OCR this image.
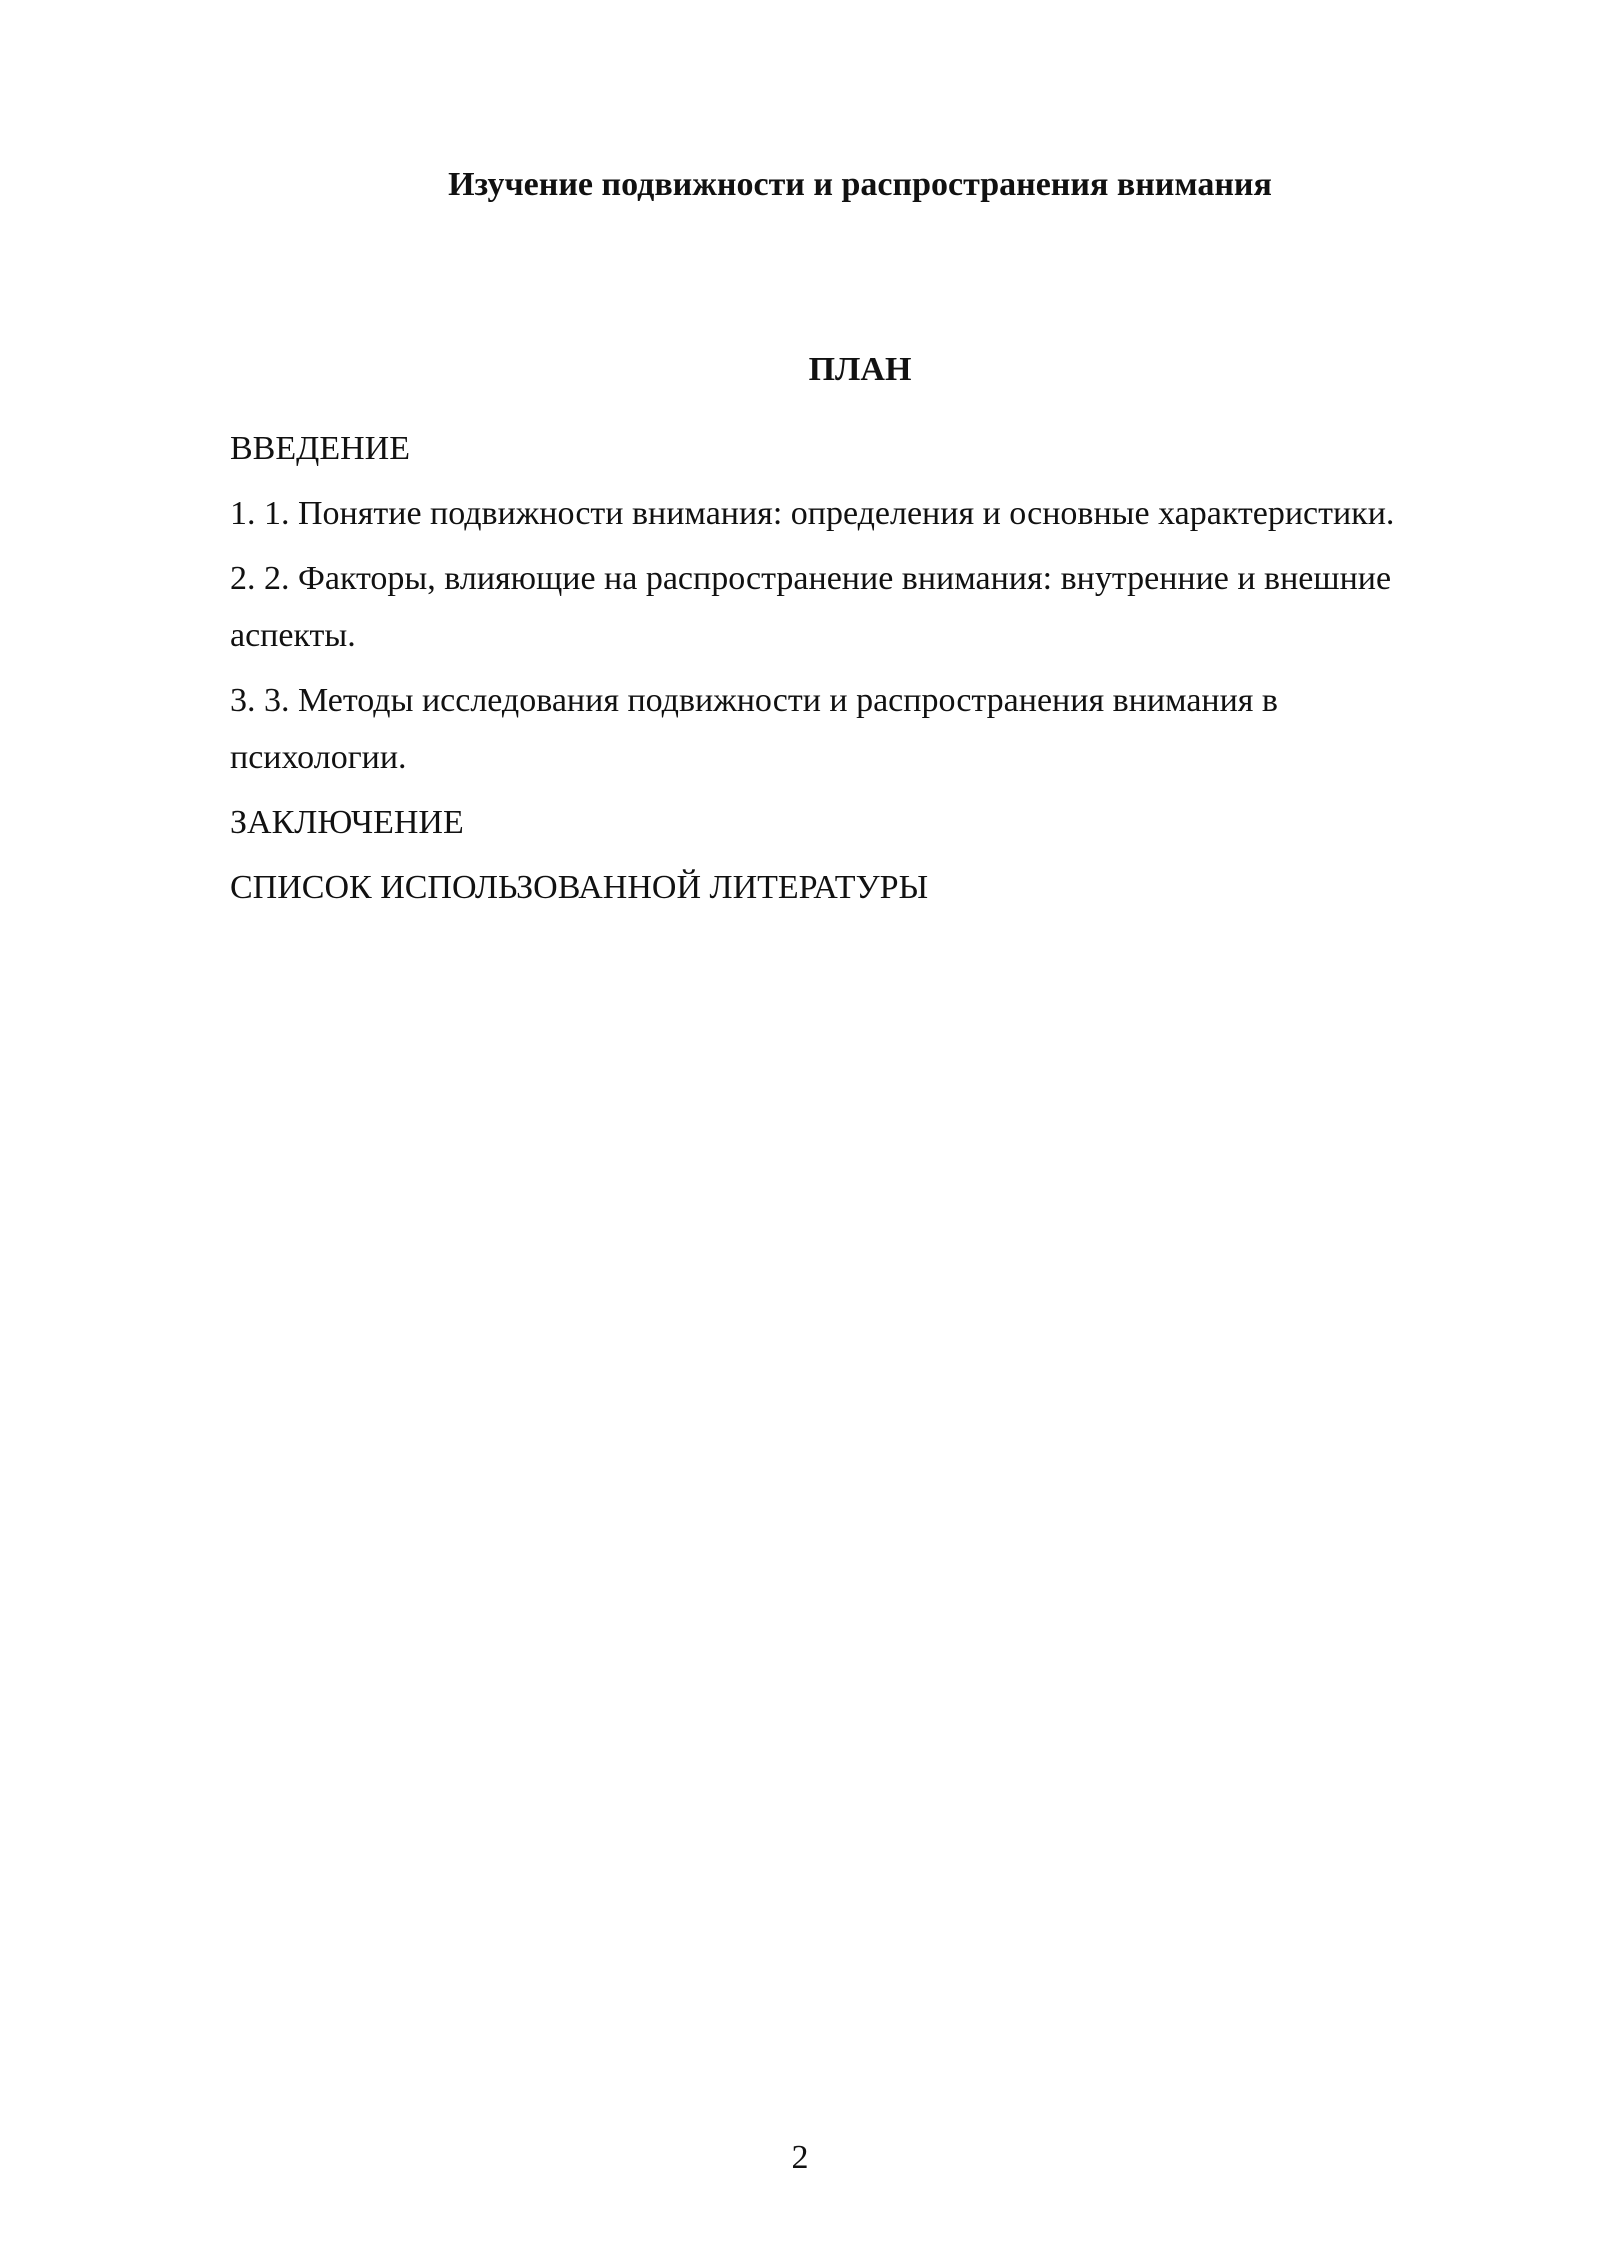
Изучение подвижности и распространения внимания
ПЛАН
ВВЕДЕНИЕ
1. 1. Понятие подвижности внимания: определения и основные характеристики.
2. 2. Факторы, влияющие на распространение внимания: внутренние и внешние аспекты.
3. 3. Методы исследования подвижности и распространения внимания в психологии.
ЗАКЛЮЧЕНИЕ
СПИСОК ИСПОЛЬЗОВАННОЙ ЛИТЕРАТУРЫ
2
